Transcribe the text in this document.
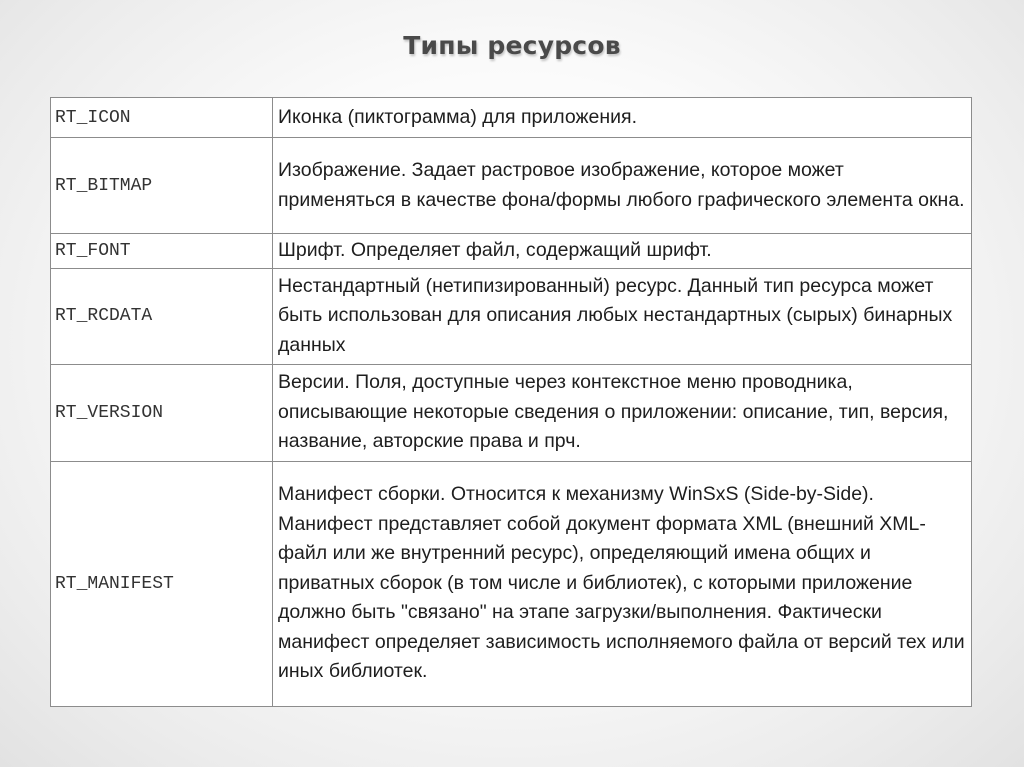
Типы ресурсов
RT_ICON	Иконка (пиктограмма) для приложения.
RT_BITMAP	Изображение. Задает растровое изображение, которое может применяться в качестве фона/формы любого графического элемента окна.
RT_FONT	Шрифт. Определяет файл, содержащий шрифт.
RT_RCDATA	Нестандартный (нетипизированный) ресурс. Данный тип ресурса может быть использован для описания любых нестандартных (сырых) бинарных данных
RT_VERSION	Версии. Поля, доступные через контекстное меню проводника, описывающие некоторые сведения о приложении: описание, тип, версия, название, авторские права и прч.
RT_MANIFEST	Манифест сборки. Относится к механизму WinSxS (Side-by-Side). Манифест представляет собой документ формата XML (внешний XML-файл или же внутренний ресурс), определяющий имена общих и приватных сборок (в том числе и библиотек), с которыми приложение должно быть "связано" на этапе загрузки/выполнения. Фактически манифест определяет зависимость исполняемого файла от версий тех или иных библиотек.
